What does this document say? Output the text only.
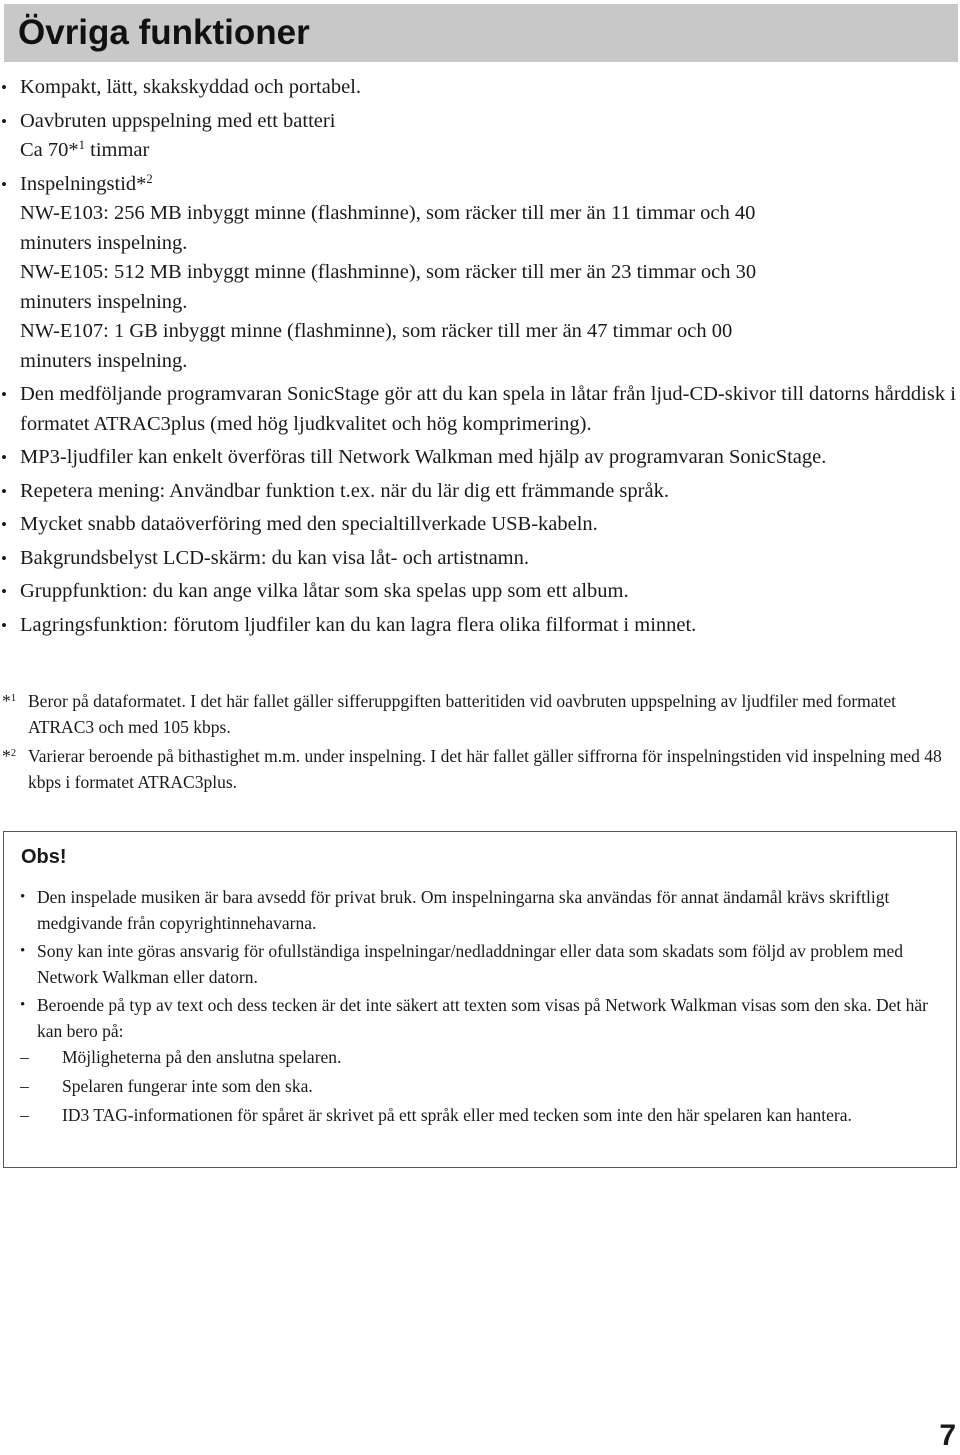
Övriga funktioner
• Kompakt, lätt, skakskyddad och portabel.
• Oavbruten uppspelning med ett batteri
Ca 70*$^1$ timmar
• Inspelningstid*$^2$
NW-E103: 256 MB inbyggt minne (flashminne), som räcker till mer än 11 timmar och 40
minuters inspelning.
NW-E105: 512 MB inbyggt minne (flashminne), som räcker till mer än 23 timmar och 30
minuters inspelning.
NW-E107: 1 GB inbyggt minne (flashminne), som räcker till mer än 47 timmar och 00
minuters inspelning.
• Den medföljande programvaran SonicStage gör att du kan spela in låtar från ljud-CD-skivor till datorns hårddisk i formatet ATRAC3plus (med hög ljudkvalitet och hög komprimering).
• MP3-ljudfiler kan enkelt överföras till Network Walkman med hjälp av programvaran SonicStage.
• Repetera mening: Användbar funktion t.ex. när du lär dig ett främmande språk.
• Mycket snabb dataöverföring med den specialtillverkade USB-kabeln.
• Bakgrundsbelyst LCD-skärm: du kan visa låt- och artistnamn.
• Gruppfunktion: du kan ange vilka låtar som ska spelas upp som ett album.
• Lagringsfunktion: förutom ljudfiler kan du kan lagra flera olika filformat i minnet.
*$^1$ Beror på dataformatet. I det här fallet gäller sifferuppgiften batteritiden vid oavbruten uppspelning av ljudfiler med formatet ATRAC3 och med 105 kbps.
*$^2$ Varierar beroende på bithastighet m.m. under inspelning. I det här fallet gäller siffrorna för inspelningstiden vid inspelning med 48 kbps i formatet ATRAC3plus.
Obs!
• Den inspelade musiken är bara avsedd för privat bruk. Om inspelningarna ska användas för annat ändamål krävs skriftligt medgivande från copyrightinnehavarna.
• Sony kan inte göras ansvarig för ofullständiga inspelningar/nedladdningar eller data som skadats som följd av problem med Network Walkman eller datorn.
• Beroende på typ av text och dess tecken är det inte säkert att texten som visas på Network Walkman visas som den ska. Det här kan bero på:
– Möjligheterna på den anslutna spelaren.
– Spelaren fungerar inte som den ska.
– ID3 TAG-informationen för spåret är skrivet på ett språk eller med tecken som inte den här spelaren kan hantera.
7
